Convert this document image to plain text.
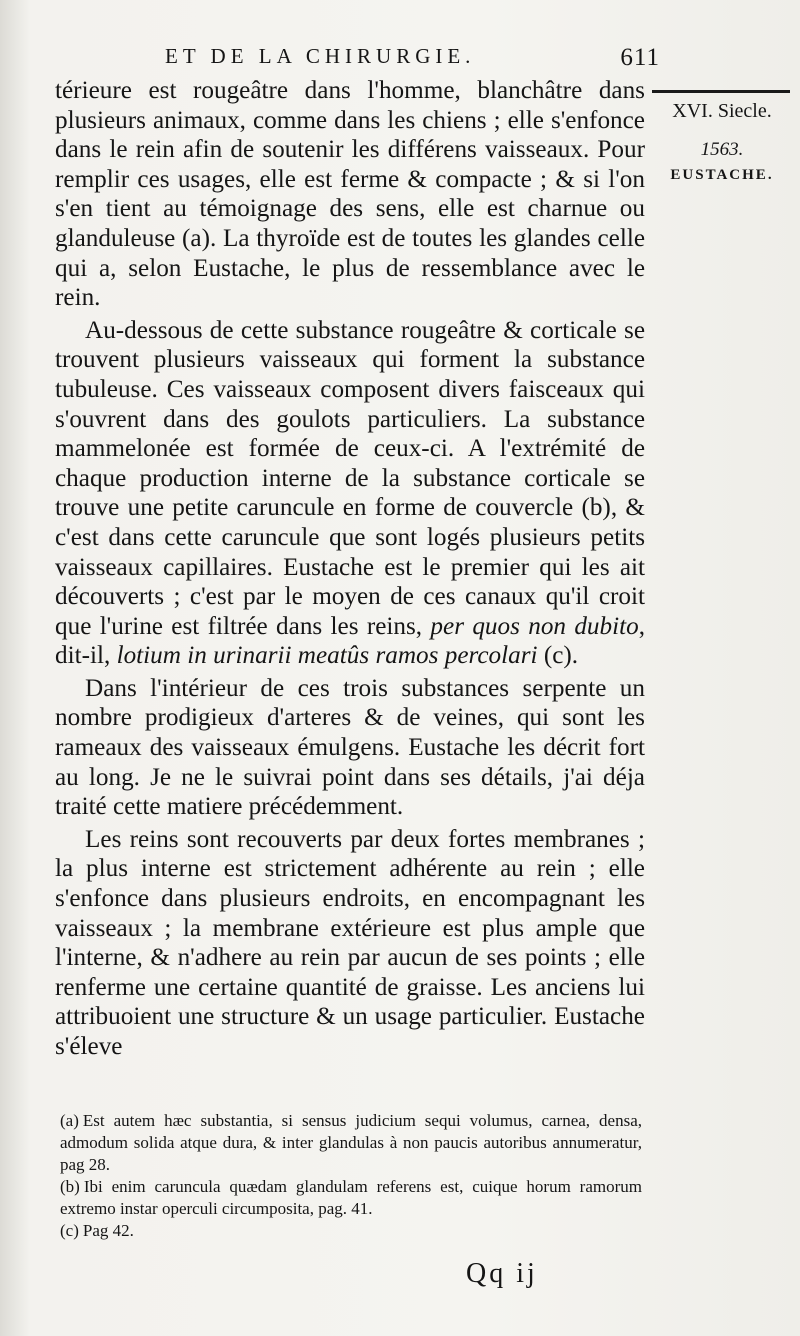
ET DE LA CHIRURGIE.	611
XVI. Siecle.
1563.
EUSTACHE.

térieure est rougeâtre dans l'homme, blanchâtre dans plusieurs animaux, comme dans les chiens ; elle s'enfonce dans le rein afin de soutenir les différens vaisseaux. Pour remplir ces usages, elle est ferme & compacte ; & si l'on s'en tient au témoignage des sens, elle est charnue ou glanduleuse (a). La thyroïde est de toutes les glandes celle qui a, selon Eustache, le plus de ressemblance avec le rein.

Au-dessous de cette substance rougeâtre & corticale se trouvent plusieurs vaisseaux qui forment la substance tubuleuse. Ces vaisseaux composent divers faisceaux qui s'ouvrent dans des goulots particuliers. La substance mammelonée est formée de ceux-ci. A l'extrémité de chaque production interne de la substance corticale se trouve une petite caruncule en forme de couvercle (b), & c'est dans cette caruncule que sont logés plusieurs petits vaisseaux capillaires. Eustache est le premier qui les ait découverts ; c'est par le moyen de ces canaux qu'il croit que l'urine est filtrée dans les reins, per quos non dubito, dit-il, lotium in urinarii meatûs ramos percolari (c).

Dans l'intérieur de ces trois substances serpente un nombre prodigieux d'arteres & de veines, qui sont les rameaux des vaisseaux émulgens. Eustache les décrit fort au long. Je ne le suivrai point dans ses détails, j'ai déja traité cette matiere précédemment.

Les reins sont recouverts par deux fortes membranes ; la plus interne est strictement adhérente au rein ; elle s'enfonce dans plusieurs endroits, en encompagnant les vaisseaux ; la membrane extérieure est plus ample que l'interne, & n'adhere au rein par aucun de ses points ; elle renferme une certaine quantité de graisse. Les anciens lui attribuoient une structure & un usage particulier. Eustache s'éleve

(a) Est autem hæc substantia, si sensus judicium sequi volumus, carnea, densa, admodum solida atque dura, & inter glandulas à non paucis autoribus annumeratur, pag 28.

(b) Ibi enim caruncula quædam glandulam referens est, cuique horum ramorum extremo instar operculi circumposita, pag. 41.

(c) Pag 42.

Qq ij
